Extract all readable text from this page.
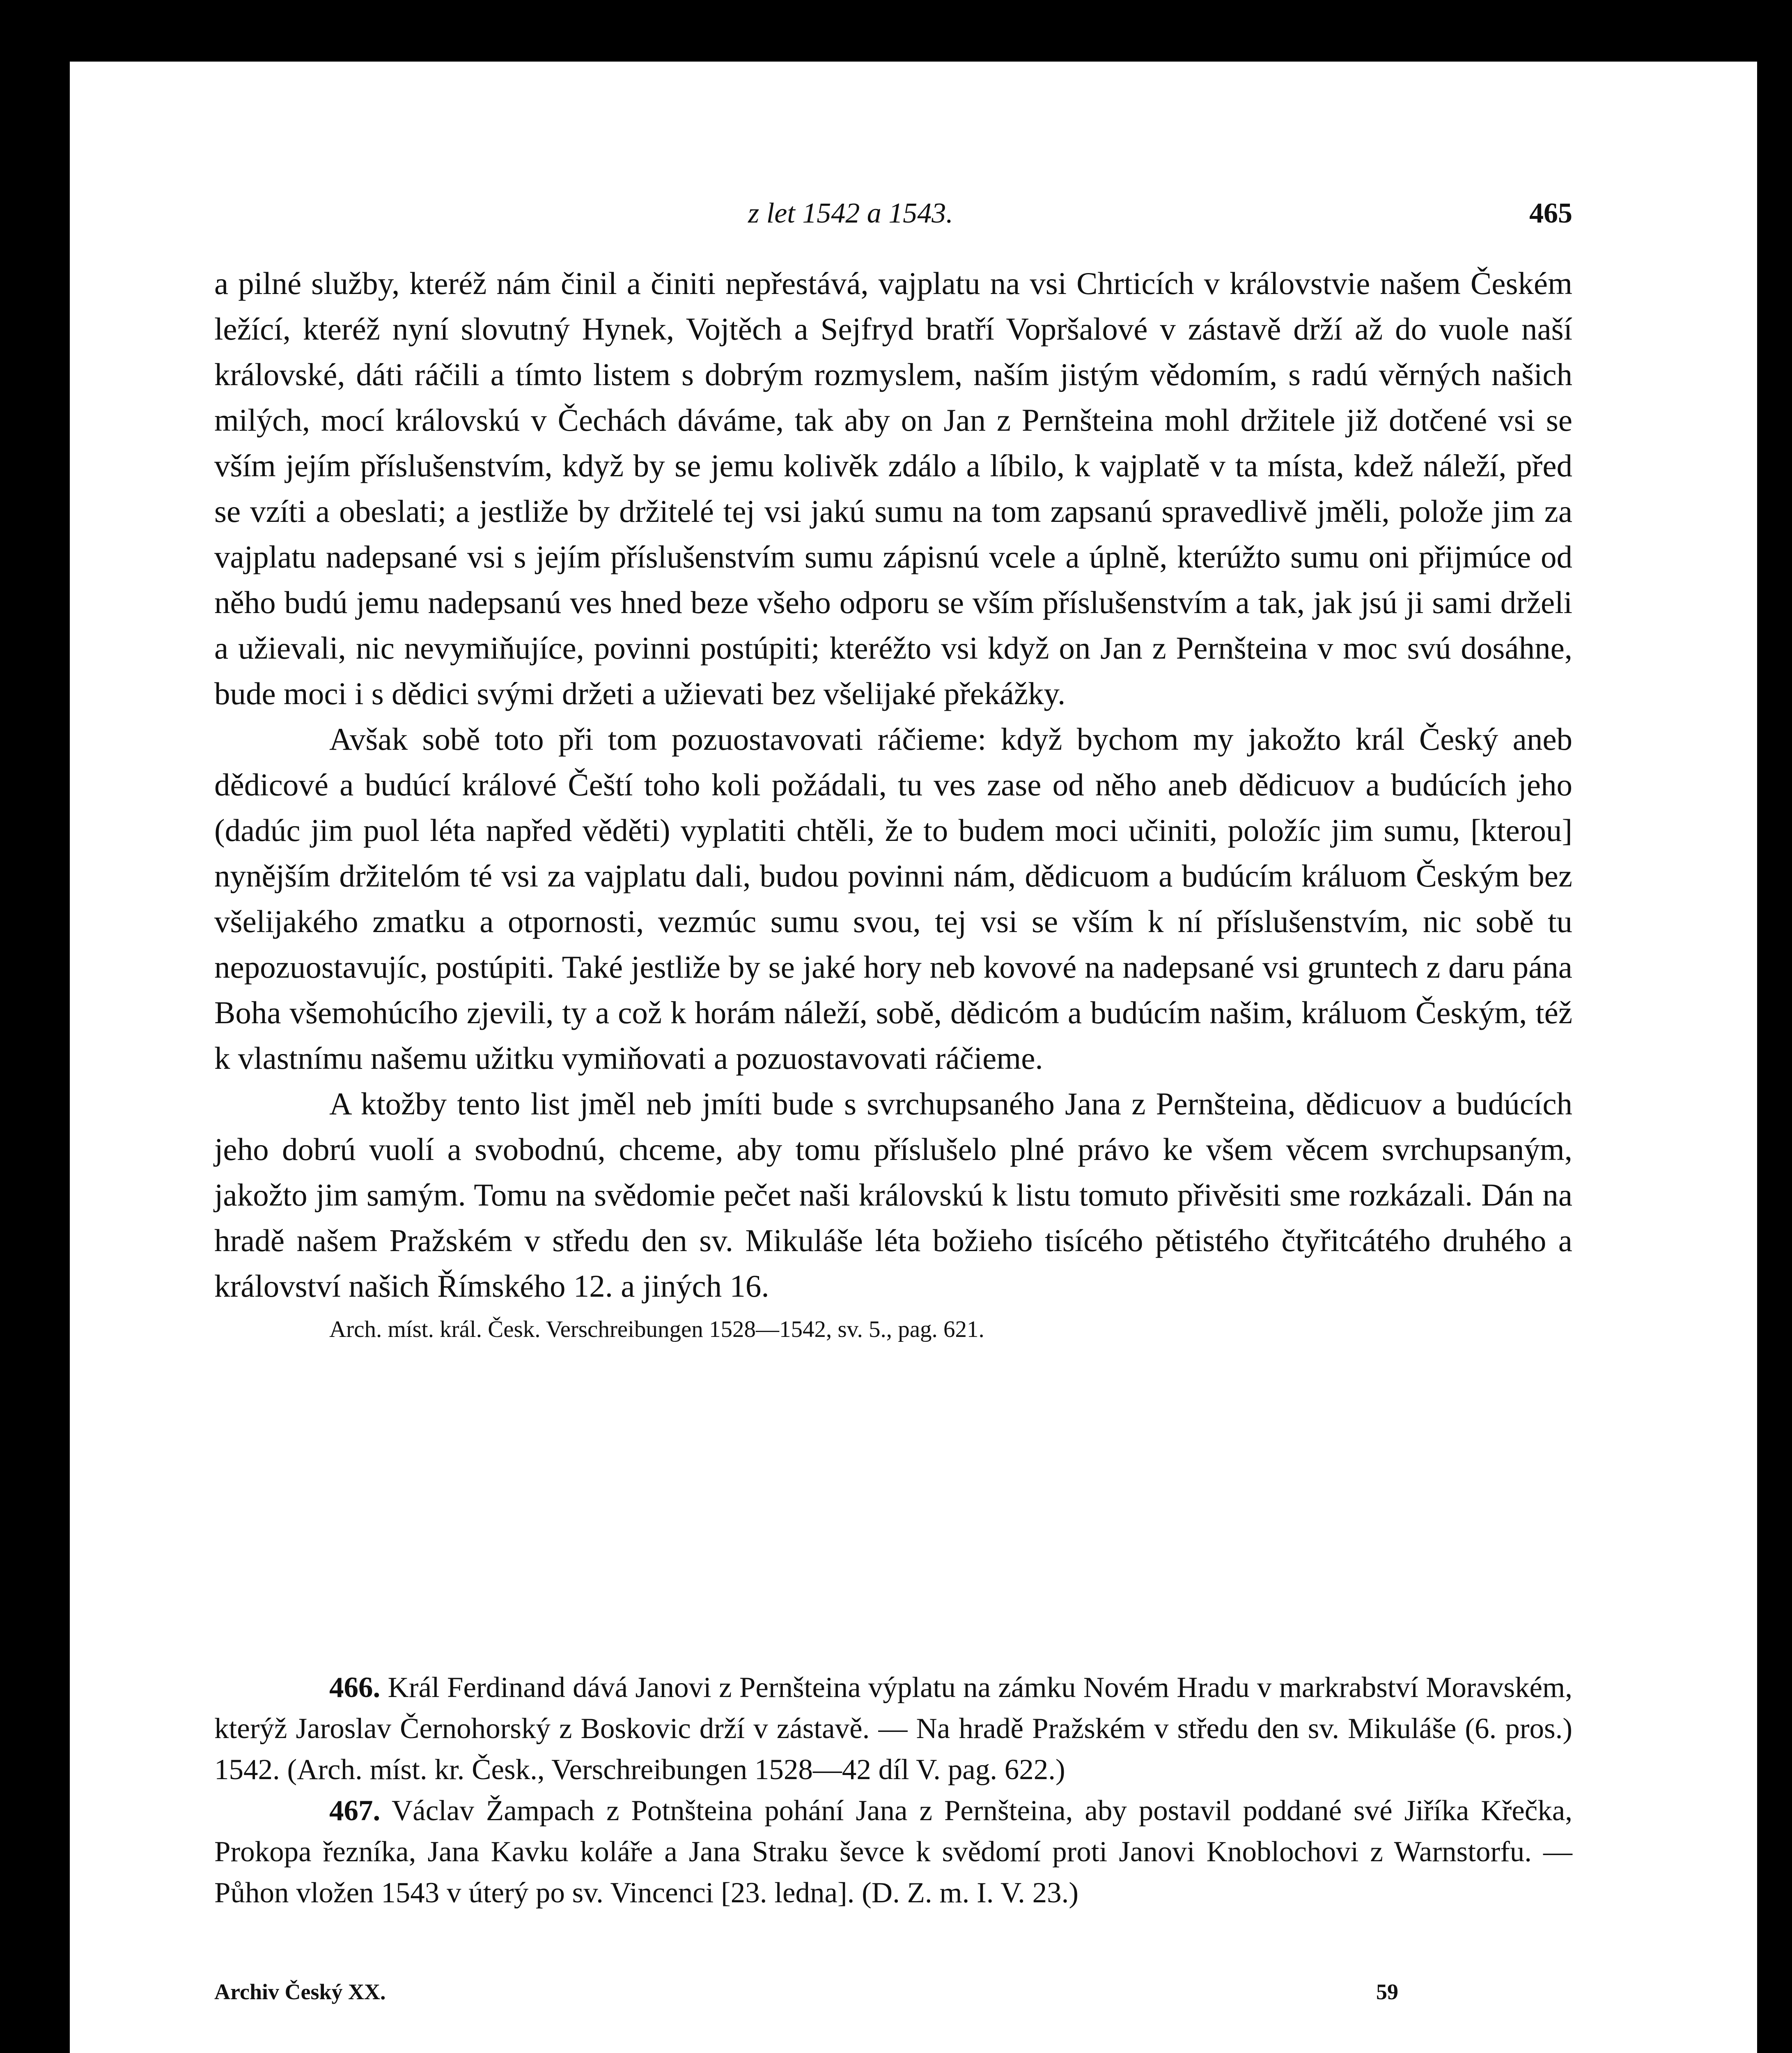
z let 1542 a 1543.	465

a pilné služby, kteréž nám činil a činiti nepřestává, vajplatu na vsi Chrticích v královstvie našem Českém ležící, kteréž nyní slovutný Hynek, Vojtěch a Sejfryd bratří Vopršalové v zástavě drží až do vuole naší královské, dáti ráčili a tímto listem s dobrým rozmyslem, naším jistým vědomím, s radú věrných našich milých, mocí královskú v Čechách dáváme, tak aby on Jan z Pernšteina mohl držitele již dotčené vsi se vším jejím příslušenstvím, když by se jemu kolivěk zdálo a líbilo, k vajplatě v ta místa, kdež náleží, před se vzíti a obeslati; a jestliže by držitelé tej vsi jakú sumu na tom zapsanú spravedlivě jměli, polože jim za vajplatu nadepsané vsi s jejím příslušenstvím sumu zápisnú vcele a úplně, kterúžto sumu oni přijmúce od něho budú jemu nadepsanú ves hned beze všeho odporu se vším příslušenstvím a tak, jak jsú ji sami drželi a užievali, nic nevymiňujíce, povinni postúpiti; kteréžto vsi když on Jan z Pernšteina v moc svú dosáhne, bude moci i s dědici svými držeti a užievati bez všelijaké překážky.

Avšak sobě toto při tom pozuostavovati ráčieme: když bychom my jakožto král Český aneb dědicové a budúcí králové Čeští toho koli požádali, tu ves zase od něho aneb dědicuov a budúcích jeho (dadúc jim puol léta napřed věděti) vyplatiti chtěli, že to budem moci učiniti, položíc jim sumu, [kterou] nynějším držitelóm té vsi za vajplatu dali, budou povinni nám, dědicuom a budúcím králuom Českým bez všelijakého zmatku a otpornosti, vezmúc sumu svou, tej vsi se vším k ní příslušenstvím, nic sobě tu nepozuostavujíc, postúpiti. Také jestliže by se jaké hory neb kovové na nadepsané vsi gruntech z daru pána Boha všemohúcího zjevili, ty a což k horám náleží, sobě, dědicóm a budúcím našim, králuom Českým, též k vlastnímu našemu užitku vymiňovati a pozuostavovati ráčieme.

A ktožby tento list jměl neb jmíti bude s svrchupsaného Jana z Pernšteina, dědicuov a budúcích jeho dobrú vuolí a svobodnú, chceme, aby tomu příslušelo plné právo ke všem věcem svrchupsaným, jakožto jim samým. Tomu na svědomie pečet naši královskú k listu tomuto přivěsiti sme rozkázali. Dán na hradě našem Pražském v středu den sv. Mikuláše léta božieho tisícého pětistého čtyřitcátého druhého a království našich Římského 12. a jiných 16.

Arch. míst. král. Česk. Verschreibungen 1528—1542, sv. 5., pag. 621.

466. Král Ferdinand dává Janovi z Pernšteina výplatu na zámku Novém Hradu v markrabství Moravském, kterýž Jaroslav Černohorský z Boskovic drží v zástavě. — Na hradě Pražském v středu den sv. Mikuláše (6. pros.) 1542. (Arch. míst. kr. Česk., Verschreibungen 1528—42 díl V. pag. 622.)

467. Václav Žampach z Potnšteina pohání Jana z Pernšteina, aby postavil poddané své Jiříka Křečka, Prokopa řezníka, Jana Kavku koláře a Jana Straku ševce k svědomí proti Janovi Knoblochovi z Warnstorfu. — Půhon vložen 1543 v úterý po sv. Vincenci [23. ledna]. (D. Z. m. I. V. 23.)

Archiv Český XX.	59
